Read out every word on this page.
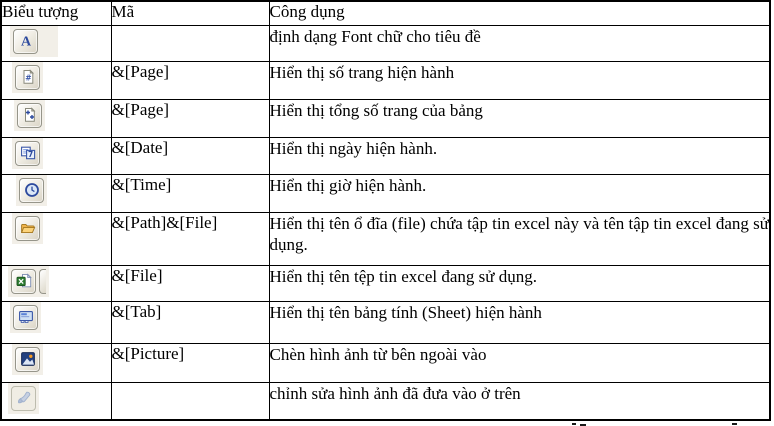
Biểu tượng	Mã	Công dụng

A		định dạng Font chữ cho tiêu đề

#	&[Page]	Hiển thị số trang hiện hành

	&[Page]	Hiển thị tổng số trang của bảng

7	&[Date]	Hiển thị ngày hiện hành.

	&[Time]	Hiển thị giờ hiện hành.

	&[Path]&[File]	Hiển thị tên ổ đĩa (file) chứa tập tin excel này và tên tập tin excel đang sử dụng.

	&[File]	Hiển thị tên tệp tin excel đang sử dụng.

	&[Tab]	Hiển thị tên bảng tính (Sheet) hiện hành

	&[Picture]	Chèn hình ảnh từ bên ngoài vào

		chỉnh sửa hình ảnh đã đưa vào ở trên
